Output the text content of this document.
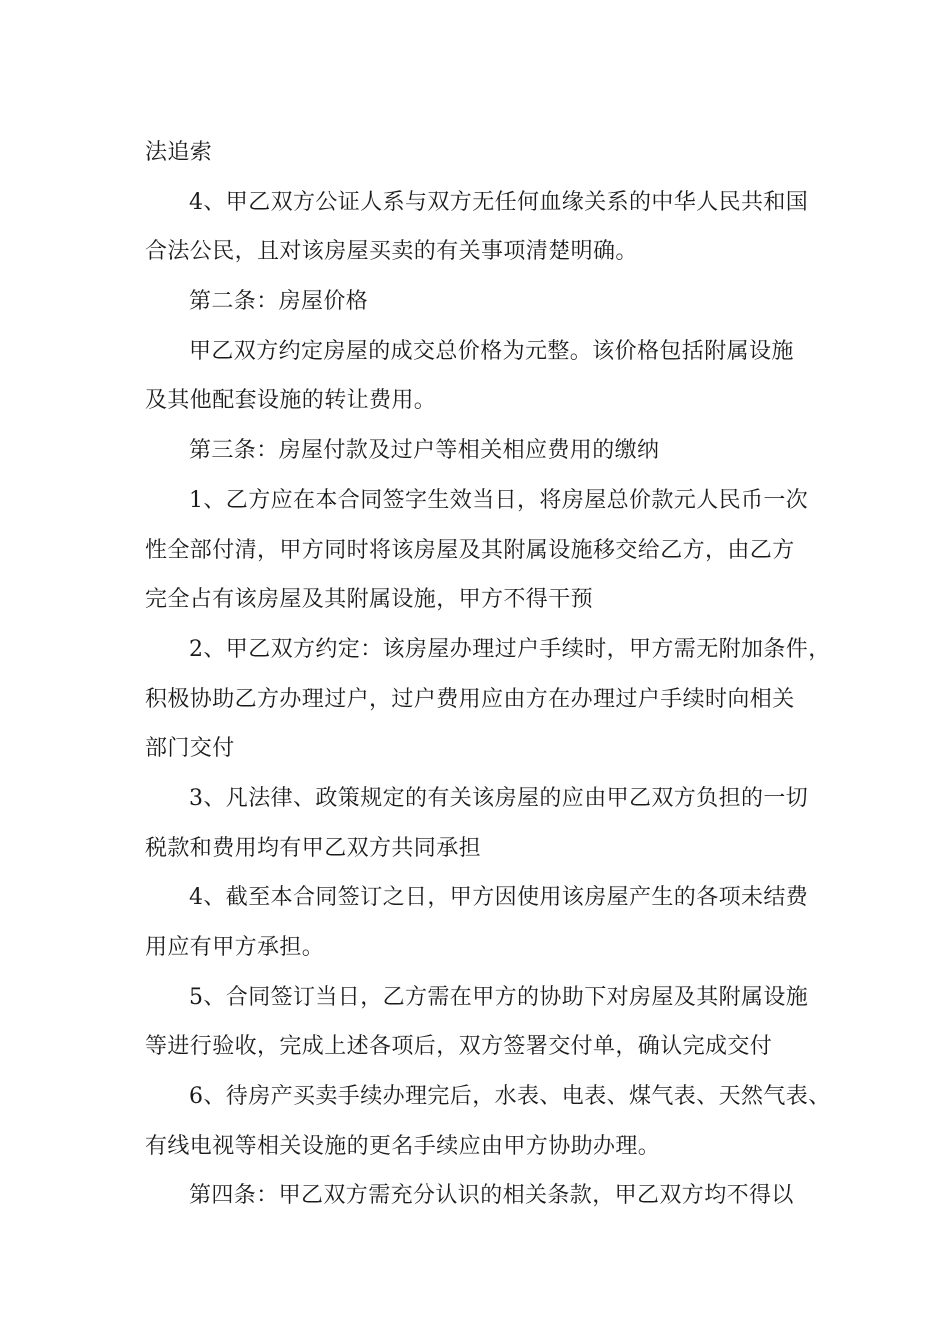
法追索
4、甲乙双方公证人系与双方无任何血缘关系的中华人民共和国
合法公民，且对该房屋买卖的有关事项清楚明确。
第二条：房屋价格
甲乙双方约定房屋的成交总价格为元整。该价格包括附属设施
及其他配套设施的转让费用。
第三条：房屋付款及过户等相关相应费用的缴纳
1、乙方应在本合同签字生效当日，将房屋总价款元人民币一次
性全部付清，甲方同时将该房屋及其附属设施移交给乙方，由乙方
完全占有该房屋及其附属设施，甲方不得干预
2、甲乙双方约定：该房屋办理过户手续时，甲方需无附加条件，
积极协助乙方办理过户，过户费用应由方在办理过户手续时向相关
部门交付
3、凡法律、政策规定的有关该房屋的应由甲乙双方负担的一切
税款和费用均有甲乙双方共同承担
4、截至本合同签订之日，甲方因使用该房屋产生的各项未结费
用应有甲方承担。
5、合同签订当日，乙方需在甲方的协助下对房屋及其附属设施
等进行验收，完成上述各项后，双方签署交付单，确认完成交付
6、待房产买卖手续办理完后，水表、电表、煤气表、天然气表、
有线电视等相关设施的更名手续应由甲方协助办理。
第四条：甲乙双方需充分认识的相关条款，甲乙双方均不得以
